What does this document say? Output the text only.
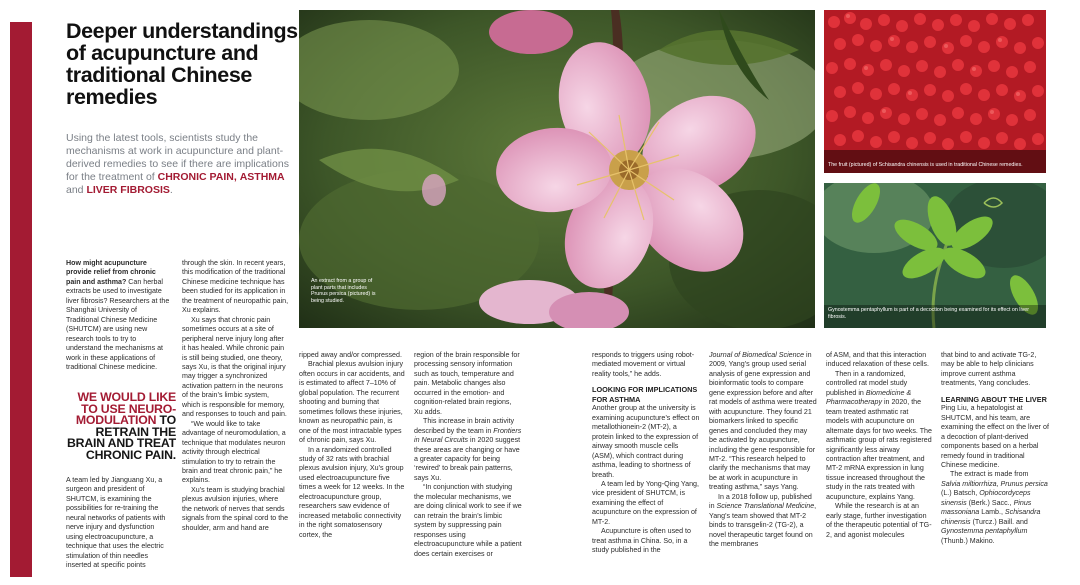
Deeper understandings of acupuncture and traditional Chinese remedies
Using the latest tools, scientists study the mechanisms at work in acupuncture and plant-derived remedies to see if there are implications for the treatment of CHRONIC PAIN, ASTHMA and LIVER FIBROSIS.
An extract from a group of plant parts that includes Prunus persica (pictured) is being studied.
The fruit (pictured) of Schisandra chinensis is used in traditional Chinese remedies.
Gynostemma pentaphyllum is part of a decoction being examined for its effect on liver fibrosis.

How might acupuncture provide relief from chronic pain and asthma? Can herbal extracts be used to investigate liver fibrosis? Researchers at the Shanghai University of Traditional Chinese Medicine (SHUTCM) are using new research tools to try to understand the mechanisms at work in these applications of traditional Chinese medicine.

WE WOULD LIKE TO USE NEURO-MODULATION TO RETRAIN THE BRAIN AND TREAT CHRONIC PAIN.

A team led by Jianguang Xu, a surgeon and president of SHUTCM, is examining the possibilities for re-training the neural networks of patients with nerve injury and dysfunction using electroacupuncture, a technique that uses the electric stimulation of thin needles inserted at specific points

through the skin. In recent years, this modification of the traditional Chinese medicine technique has been studied for its application in the treatment of neuropathic pain, Xu explains.

Xu says that chronic pain sometimes occurs at a site of peripheral nerve injury long after it has healed. While chronic pain is still being studied, one theory, says Xu, is that the original injury may trigger a synchronized activation pattern in the neurons of the brain’s limbic system, which is responsible for memory, and responses to touch and pain.

“We would like to take advantage of neuromodulation, a technique that modulates neuron activity through electrical stimulation to try to retrain the brain and treat chronic pain,” he explains.

Xu’s team is studying brachial plexus avulsion injuries, where the network of nerves that sends signals from the spinal cord to the shoulder, arm and hand are

ripped away and/or compressed.

Brachial plexus avulsion injury often occurs in car accidents, and is estimated to affect 7–10% of global population. The recurrent shooting and burning that sometimes follows these injuries, known as neuropathic pain, is one of the most intractable types of chronic pain, says Xu.

In a randomized controlled study of 32 rats with brachial plexus avulsion injury, Xu’s group used electroacupuncture five times a week for 12 weeks. In the electroacupuncture group, researchers saw evidence of increased metabolic connectivity in the right somatosensory cortex, the

region of the brain responsible for processing sensory information such as touch, temperature and pain. Metabolic changes also occurred in the emotion- and cognition-related brain regions, Xu adds.

This increase in brain activity described by the team in Frontiers in Neural Circuits in 2020 suggest these areas are changing or have a greater capacity for being ‘rewired’ to break pain patterns, says Xu.

“In conjunction with studying the molecular mechanisms, we are doing clinical work to see if we can retrain the brain’s limbic system by suppressing pain responses using electroacupuncture while a patient does certain exercises or

responds to triggers using robot-mediated movement or virtual reality tools,” he adds.

LOOKING FOR IMPLICATIONS FOR ASTHMA

Another group at the university is examining acupuncture’s effect on metallothionein-2 (MT-2), a protein linked to the expression of airway smooth muscle cells (ASM), which contract during asthma, leading to shortness of breath.

A team led by Yong-Qing Yang, vice president of SHUTCM, is examining the effect of acupuncture on the expression of MT-2.

Acupuncture is often used to treat asthma in China. So, in a study published in the

Journal of Biomedical Science in 2009, Yang’s group used serial analysis of gene expression and bioinformatic tools to compare gene expression before and after rat models of asthma were treated with acupuncture. They found 21 biomarkers linked to specific genes and concluded they may be activated by acupuncture, including the gene responsible for MT-2. “This research helped to clarify the mechanisms that may be at work in acupuncture in treating asthma,” says Yang.

In a 2018 follow up, published in Science Translational Medicine, Yang’s team showed that MT-2 binds to transgelin-2 (TG-2), a novel therapeutic target found on the membranes

of ASM, and that this interaction induced relaxation of these cells.

Then in a randomized, controlled rat model study published in Biomedicine & Pharmacotherapy in 2020, the team treated asthmatic rat models with acupuncture on alternate days for two weeks. The asthmatic group of rats registered significantly less airway contraction after treatment, and MT-2 mRNA expression in lung tissue increased throughout the study in the rats treated with acupuncture, explains Yang.

While the research is at an early stage, further investigation of the therapeutic potential of TG-2, and agonist molecules

that bind to and activate TG-2, may be able to help clinicians improve current asthma treatments, Yang concludes.

LEARNING ABOUT THE LIVER

Ping Liu, a hepatologist at SHUTCM, and his team, are examining the effect on the liver of a decoction of plant-derived components based on a herbal remedy found in traditional Chinese medicine.

The extract is made from Salvia miltiorrhiza, Prunus persica (L.) Batsch, Ophiocordyceps sinensis (Berk.) Sacc., Pinus massoniana Lamb., Schisandra chinensis (Turcz.) Baill. and Gynostemma pentaphyllum (Thunb.) Makino.
